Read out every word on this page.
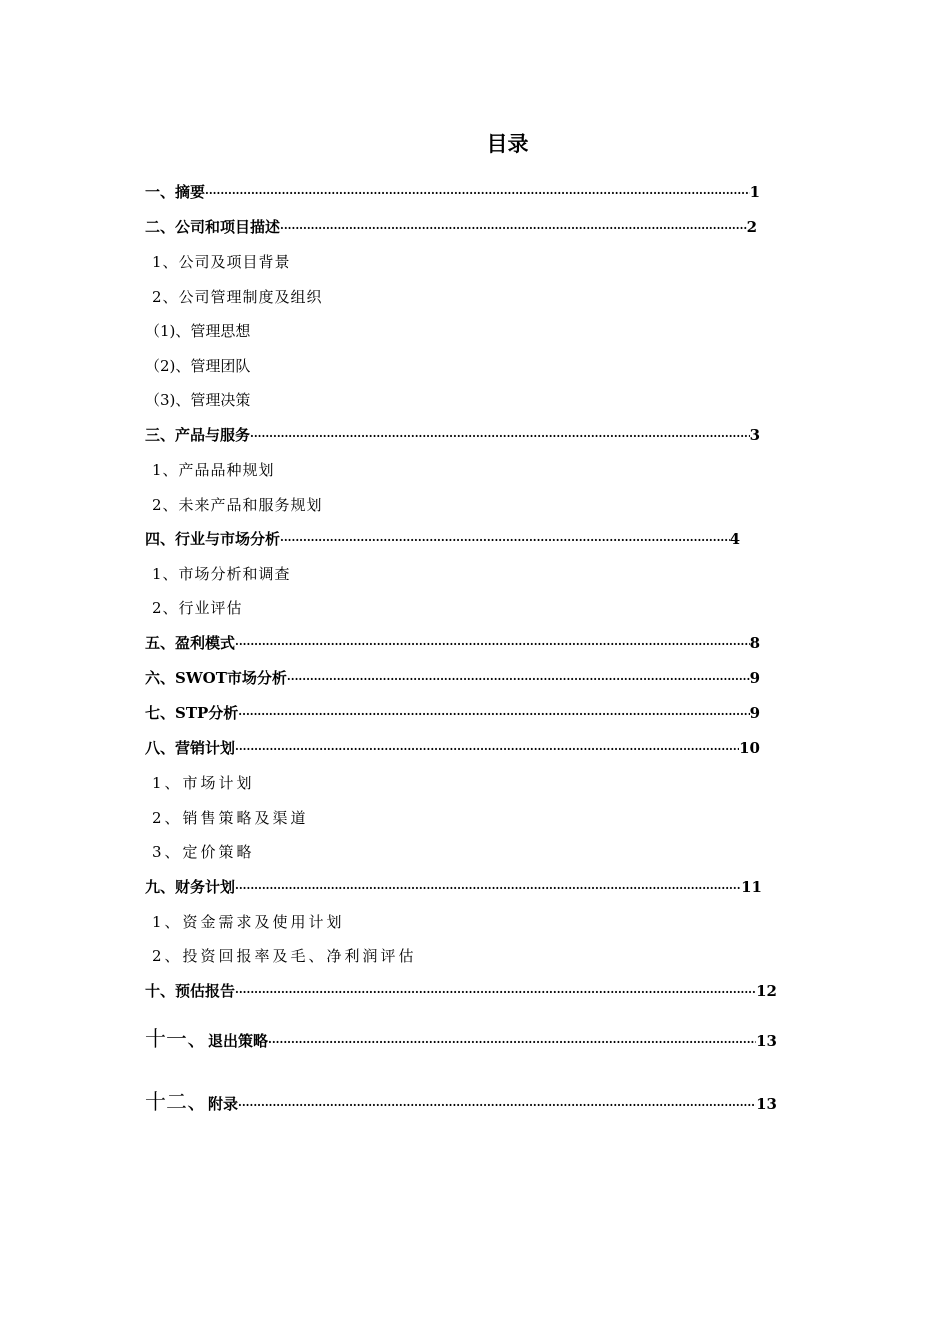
目录
一、摘要 ·····	1
二、公司和项目描述 ·····	2
1、公司及项目背景
2、公司管理制度及组织
（1)、管理思想
（2)、管理团队
（3)、管理决策
三、产品与服务 ·····	3
1、产品品种规划
2、未来产品和服务规划
四、行业与市场分析 ·····	4
1、市场分析和调查
2、行业评估
五、盈利模式 ·····	8
六、SWOT市场分析 ·····	9
七、STP分析 ·····	9
八、营销计划 ·····	10
1、市场计划
2、销售策略及渠道
3、定价策略
九、财务计划 ·····	11
1、资金需求及使用计划
2、投资回报率及毛、净利润评估
十、预估报告 ·····	12
十一、 退出策略 ·····	13
十二、 附录 ·····	13
